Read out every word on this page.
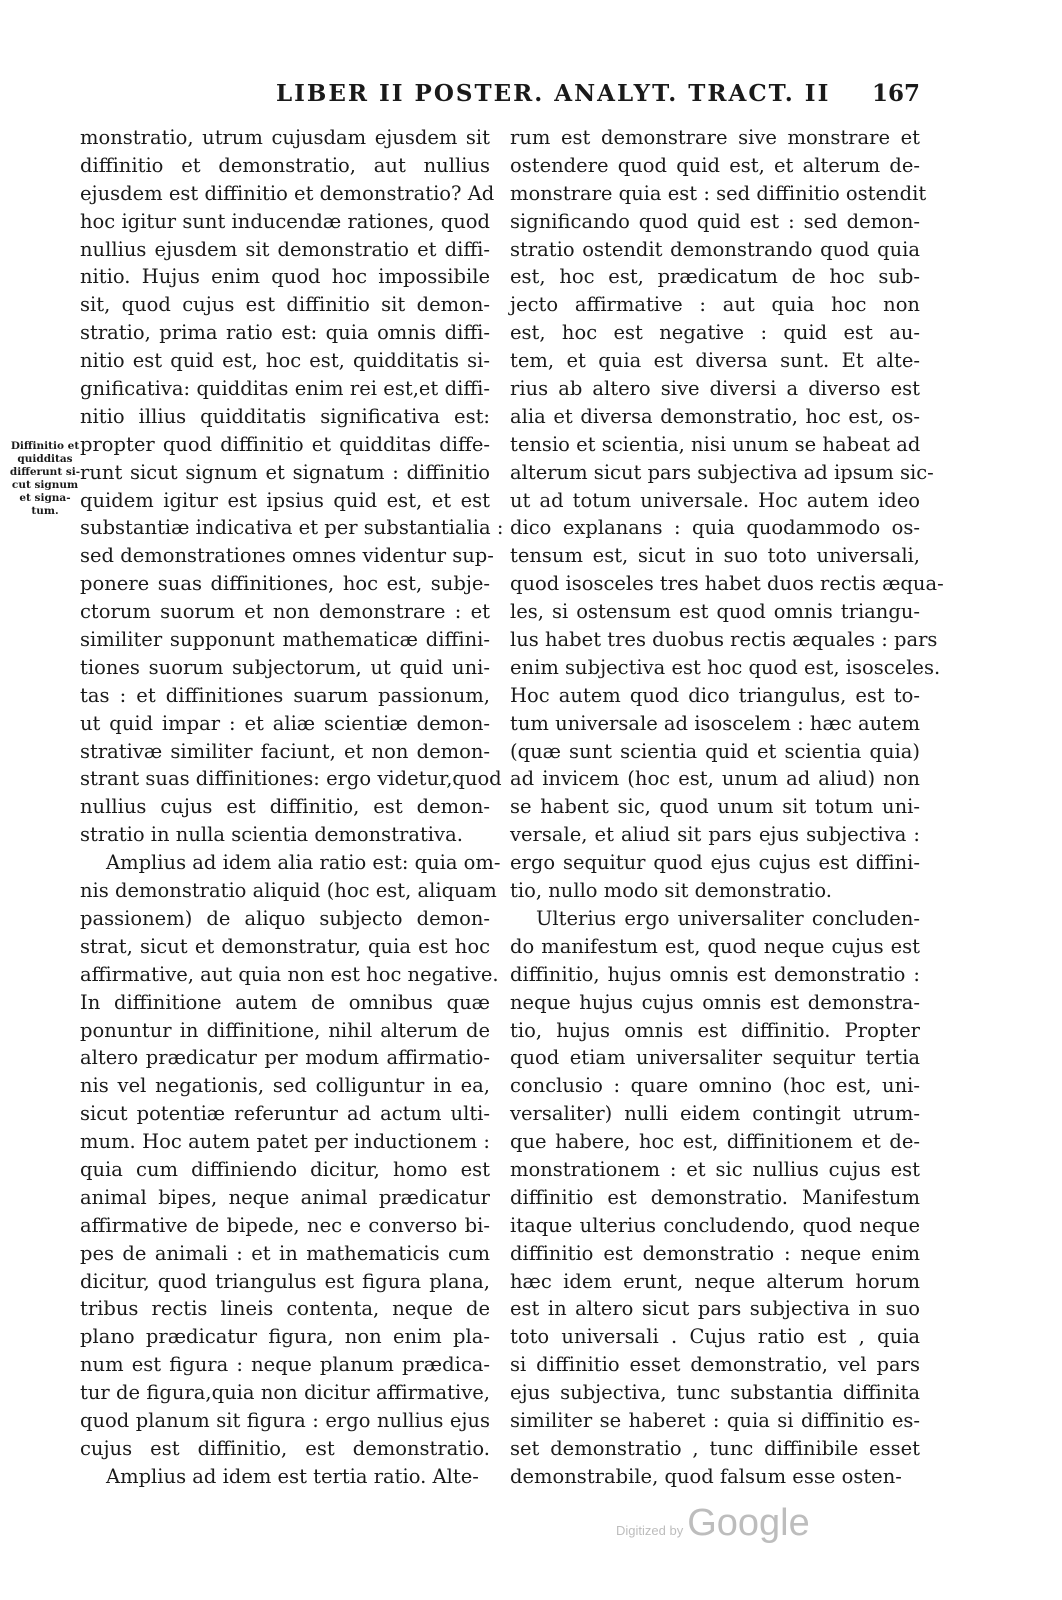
LIBER II POSTER. ANALYT. TRACT. II 167
Diffinitio et
quidditas
differunt si-
cut signum
et signa-
tum.
monstratio, utrum cujusdam ejusdem sit
diffinitio et demonstratio, aut nullius
ejusdem est diffinitio et demonstratio? Ad
hoc igitur sunt inducendæ rationes, quod
nullius ejusdem sit demonstratio et diffi-
nitio. Hujus enim quod hoc impossibile
sit, quod cujus est diffinitio sit demon-
stratio, prima ratio est: quia omnis diffi-
nitio est quid est, hoc est, quidditatis si-
gnificativa: quidditas enim rei est,et diffi-
nitio illius quidditatis significativa est:
propter quod diffinitio et quidditas diffe-
runt sicut signum et signatum : diffinitio
quidem igitur est ipsius quid est, et est
substantiæ indicativa et per substantialia :
sed demonstrationes omnes videntur sup-
ponere suas diffinitiones, hoc est, subje-
ctorum suorum et non demonstrare : et
similiter supponunt mathematicæ diffini-
tiones suorum subjectorum, ut quid uni-
tas : et diffinitiones suarum passionum,
ut quid impar : et aliæ scientiæ demon-
strativæ similiter faciunt, et non demon-
strant suas diffinitiones: ergo videtur,quod
nullius cujus est diffinitio, est demon-
stratio in nulla scientia demonstrativa.
Amplius ad idem alia ratio est: quia om-
nis demonstratio aliquid (hoc est, aliquam
passionem) de aliquo subjecto demon-
strat, sicut et demonstratur, quia est hoc
affirmative, aut quia non est hoc negative.
In diffinitione autem de omnibus quæ
ponuntur in diffinitione, nihil alterum de
altero prædicatur per modum affirmatio-
nis vel negationis, sed colliguntur in ea,
sicut potentiæ referuntur ad actum ulti-
mum. Hoc autem patet per inductionem :
quia cum diffiniendo dicitur, homo est
animal bipes, neque animal prædicatur
affirmative de bipede, nec e converso bi-
pes de animali : et in mathematicis cum
dicitur, quod triangulus est figura plana,
tribus rectis lineis contenta, neque de
plano prædicatur figura, non enim pla-
num est figura : neque planum prædica-
tur de figura,quia non dicitur affirmative,
quod planum sit figura : ergo nullius ejus
cujus est diffinitio, est demonstratio.
Amplius ad idem est tertia ratio. Alte-
rum est demonstrare sive monstrare et
ostendere quod quid est, et alterum de-
monstrare quia est : sed diffinitio ostendit
significando quod quid est : sed demon-
stratio ostendit demonstrando quod quia
est, hoc est, prædicatum de hoc sub-
jecto affirmative : aut quia hoc non
est, hoc est negative : quid est au-
tem, et quia est diversa sunt. Et alte-
rius ab altero sive diversi a diverso est
alia et diversa demonstratio, hoc est, os-
tensio et scientia, nisi unum se habeat ad
alterum sicut pars subjectiva ad ipsum sic-
ut ad totum universale. Hoc autem ideo
dico explanans : quia quodammodo os-
tensum est, sicut in suo toto universali,
quod isosceles tres habet duos rectis æqua-
les, si ostensum est quod omnis triangu-
lus habet tres duobus rectis æquales : pars
enim subjectiva est hoc quod est, isosceles.
Hoc autem quod dico triangulus, est to-
tum universale ad isoscelem : hæc autem
(quæ sunt scientia quid et scientia quia)
ad invicem (hoc est, unum ad aliud) non
se habent sic, quod unum sit totum uni-
versale, et aliud sit pars ejus subjectiva :
ergo sequitur quod ejus cujus est diffini-
tio, nullo modo sit demonstratio.
Ulterius ergo universaliter concluden-
do manifestum est, quod neque cujus est
diffinitio, hujus omnis est demonstratio :
neque hujus cujus omnis est demonstra-
tio, hujus omnis est diffinitio. Propter
quod etiam universaliter sequitur tertia
conclusio : quare omnino (hoc est, uni-
versaliter) nulli eidem contingit utrum-
que habere, hoc est, diffinitionem et de-
monstrationem : et sic nullius cujus est
diffinitio est demonstratio. Manifestum
itaque ulterius concludendo, quod neque
diffinitio est demonstratio : neque enim
hæc idem erunt, neque alterum horum
est in altero sicut pars subjectiva in suo
toto universali . Cujus ratio est , quia
si diffinitio esset demonstratio, vel pars
ejus subjectiva, tunc substantia diffinita
similiter se haberet : quia si diffinitio es-
set demonstratio , tunc diffinibile esset
demonstrabile, quod falsum esse osten-
Digitized by Google
